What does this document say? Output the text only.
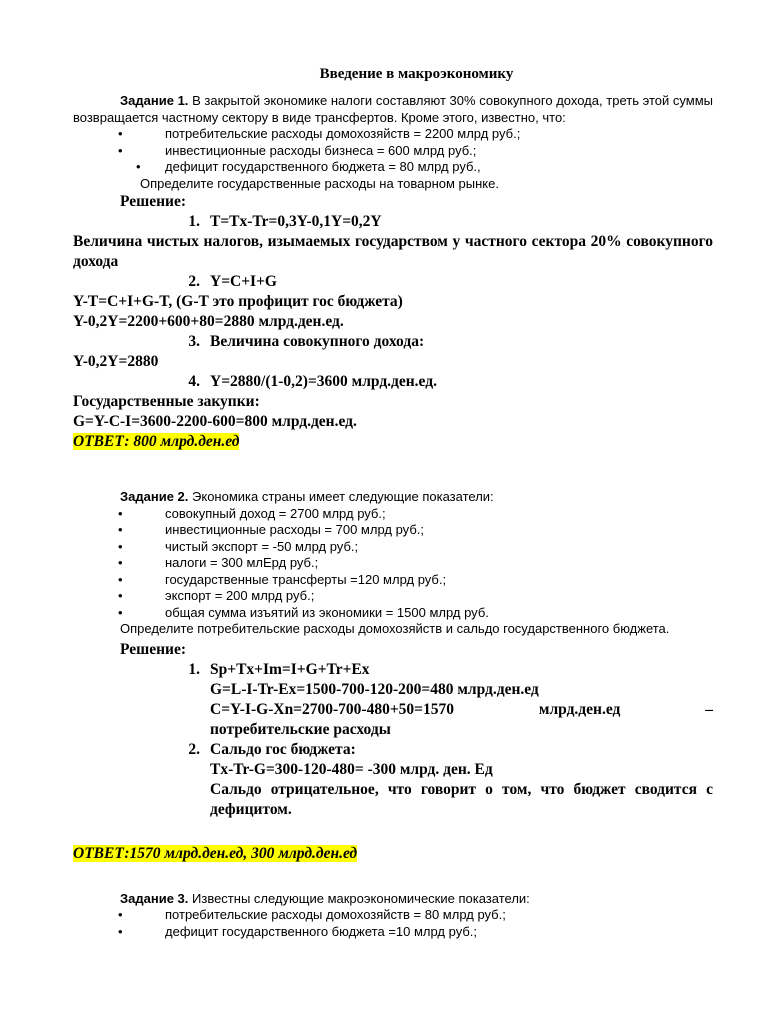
Введение в макроэкономику

Задание 1. В закрытой экономике налоги составляют 30% совокупного дохода, треть этой суммы возвращается частному сектору в виде трансфертов. Кроме этого, известно, что:

•	потребительские расходы домохозяйств = 2200 млрд руб.;
•	инвестиционные расходы бизнеса = 600 млрд руб.;
•	дефицит государственного бюджета = 80 млрд руб.,

Определите государственные расходы на товарном рынке.

Решение:

1. T=Tx-Tr=0,3Y-0,1Y=0,2Y

Величина чистых налогов, изымаемых государством у частного сектора 20% совокупного дохода

2. Y=C+I+G

Y-T=C+I+G-T, (G-T это профицит гос бюджета)

Y-0,2Y=2200+600+80=2880 млрд.ден.ед.

3. Величина совокупного дохода:

Y-0,2Y=2880

4. Y=2880/(1-0,2)=3600 млрд.ден.ед.

Государственные закупки:

G=Y-C-I=3600-2200-600=800 млрд.ден.ед.

ОТВЕТ: 800 млрд.ден.ед

Задание 2. Экономика страны имеет следующие показатели:

•	совокупный доход = 2700 млрд руб.;
•	инвестиционные расходы = 700 млрд руб.;
•	чистый экспорт = -50 млрд руб.;
•	налоги = 300 млЕрд руб.;
•	государственные трансферты =120 млрд руб.;
•	экспорт = 200 млрд руб.;
•	общая сумма изъятий из экономики = 1500 млрд руб.

Определите потребительские расходы домохозяйств и сальдо государственного бюджета.

Решение:

1. Sp+Tx+Im=I+G+Tr+Ex

G=L-I-Tr-Ex=1500-700-120-200=480 млрд.ден.ед

C=Y-I-G-Xn=2700-700-480+50=1570	млрд.ден.ед	–

потребительские расходы

2. Сальдо гос бюджета:

Tx-Tr-G=300-120-480= -300 млрд. ден. Ед

Сальдо отрицательное, что говорит о том, что бюджет сводится с дефицитом.

ОТВЕТ:1570 млрд.ден.ед, 300 млрд.ден.ед

Задание 3. Известны следующие макроэкономические показатели:

•	потребительские расходы домохозяйств = 80 млрд руб.;
•	дефицит государственного бюджета =10 млрд руб.;
